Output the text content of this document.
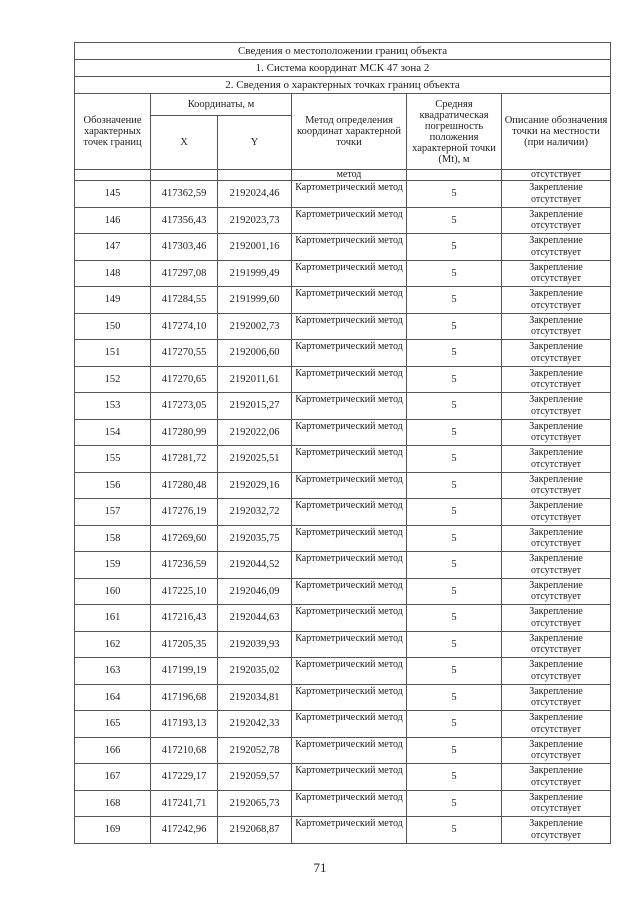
Сведения о местоположении границ объекта					
1. Система координат МСК 47 зона 2					
2. Сведения о характерных точках границ объекта					
Обозначение характерных точек границ	Координаты, м		Метод определения координат характерной точки	Средняя квадратическая погрешность положения характерной точки (Mt), м	Описание обозначения точки на местности (при наличии)
	X	Y			
			метод		отсутствует
145	417362,59	2192024,46	Картометрический метод	5	Закрепление отсутствует
146	417356,43	2192023,73	Картометрический метод	5	Закрепление отсутствует
147	417303,46	2192001,16	Картометрический метод	5	Закрепление отсутствует
148	417297,08	2191999,49	Картометрический метод	5	Закрепление отсутствует
149	417284,55	2191999,60	Картометрический метод	5	Закрепление отсутствует
150	417274,10	2192002,73	Картометрический метод	5	Закрепление отсутствует
151	417270,55	2192006,60	Картометрический метод	5	Закрепление отсутствует
152	417270,65	2192011,61	Картометрический метод	5	Закрепление отсутствует
153	417273,05	2192015,27	Картометрический метод	5	Закрепление отсутствует
154	417280,99	2192022,06	Картометрический метод	5	Закрепление отсутствует
155	417281,72	2192025,51	Картометрический метод	5	Закрепление отсутствует
156	417280,48	2192029,16	Картометрический метод	5	Закрепление отсутствует
157	417276,19	2192032,72	Картометрический метод	5	Закрепление отсутствует
158	417269,60	2192035,75	Картометрический метод	5	Закрепление отсутствует
159	417236,59	2192044,52	Картометрический метод	5	Закрепление отсутствует
160	417225,10	2192046,09	Картометрический метод	5	Закрепление отсутствует
161	417216,43	2192044,63	Картометрический метод	5	Закрепление отсутствует
162	417205,35	2192039,93	Картометрический метод	5	Закрепление отсутствует
163	417199,19	2192035,02	Картометрический метод	5	Закрепление отсутствует
164	417196,68	2192034,81	Картометрический метод	5	Закрепление отсутствует
165	417193,13	2192042,33	Картометрический метод	5	Закрепление отсутствует
166	417210,68	2192052,78	Картометрический метод	5	Закрепление отсутствует
167	417229,17	2192059,57	Картометрический метод	5	Закрепление отсутствует
168	417241,71	2192065,73	Картометрический метод	5	Закрепление отсутствует
169	417242,96	2192068,87	Картометрический метод	5	Закрепление отсутствует
71
